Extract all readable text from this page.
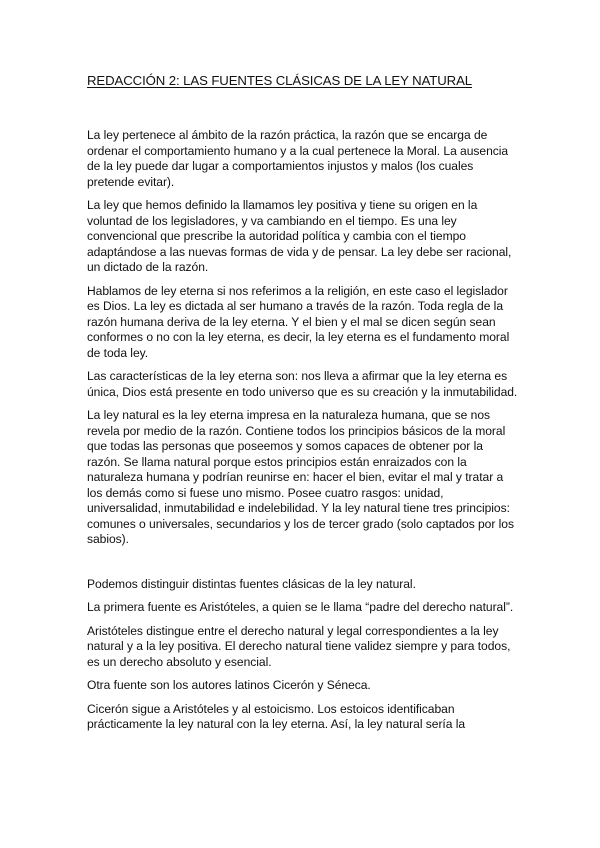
REDACCIÓN 2: LAS FUENTES CLÁSICAS DE LA LEY NATURAL

La ley pertenece al ámbito de la razón práctica, la razón que se encarga de ordenar el comportamiento humano y a la cual pertenece la Moral. La ausencia de la ley puede dar lugar a comportamientos injustos y malos (los cuales pretende evitar).

La ley que hemos definido la llamamos ley positiva y tiene su origen en la voluntad de los legisladores, y va cambiando en el tiempo. Es una ley convencional que prescribe la autoridad política y cambia con el tiempo adaptándose a las nuevas formas de vida y de pensar. La ley debe ser racional, un dictado de la razón.

Hablamos de ley eterna si nos referimos a la religión, en este caso el legislador es Dios. La ley es dictada al ser humano a través de la razón. Toda regla de la razón humana deriva de la ley eterna. Y el bien y el mal se dicen según sean conformes o no con la ley eterna, es decir, la ley eterna es el fundamento moral de toda ley.

Las características de la ley eterna son: nos lleva a afirmar que la ley eterna es única, Dios está presente en todo universo que es su creación y la inmutabilidad.

La ley natural es la ley eterna impresa en la naturaleza humana, que se nos revela por medio de la razón. Contiene todos los principios básicos de la moral que todas las personas que poseemos y somos capaces de obtener por la razón. Se llama natural porque estos principios están enraizados con la naturaleza humana y podrían reunirse en: hacer el bien, evitar el mal y tratar a los demás como si fuese uno mismo. Posee cuatro rasgos: unidad, universalidad, inmutabilidad e indelebilidad. Y la ley natural tiene tres principios: comunes o universales, secundarios y los de tercer grado (solo captados por los sabios).

Podemos distinguir distintas fuentes clásicas de la ley natural.

La primera fuente es Aristóteles, a quien se le llama “padre del derecho natural”.

Aristóteles distingue entre el derecho natural y legal correspondientes a la ley natural y a la ley positiva. El derecho natural tiene validez siempre y para todos, es un derecho absoluto y esencial.

Otra fuente son los autores latinos Cicerón y Séneca.

Cicerón sigue a Aristóteles y al estoicismo. Los estoicos identificaban prácticamente la ley natural con la ley eterna. Así, la ley natural sería la
